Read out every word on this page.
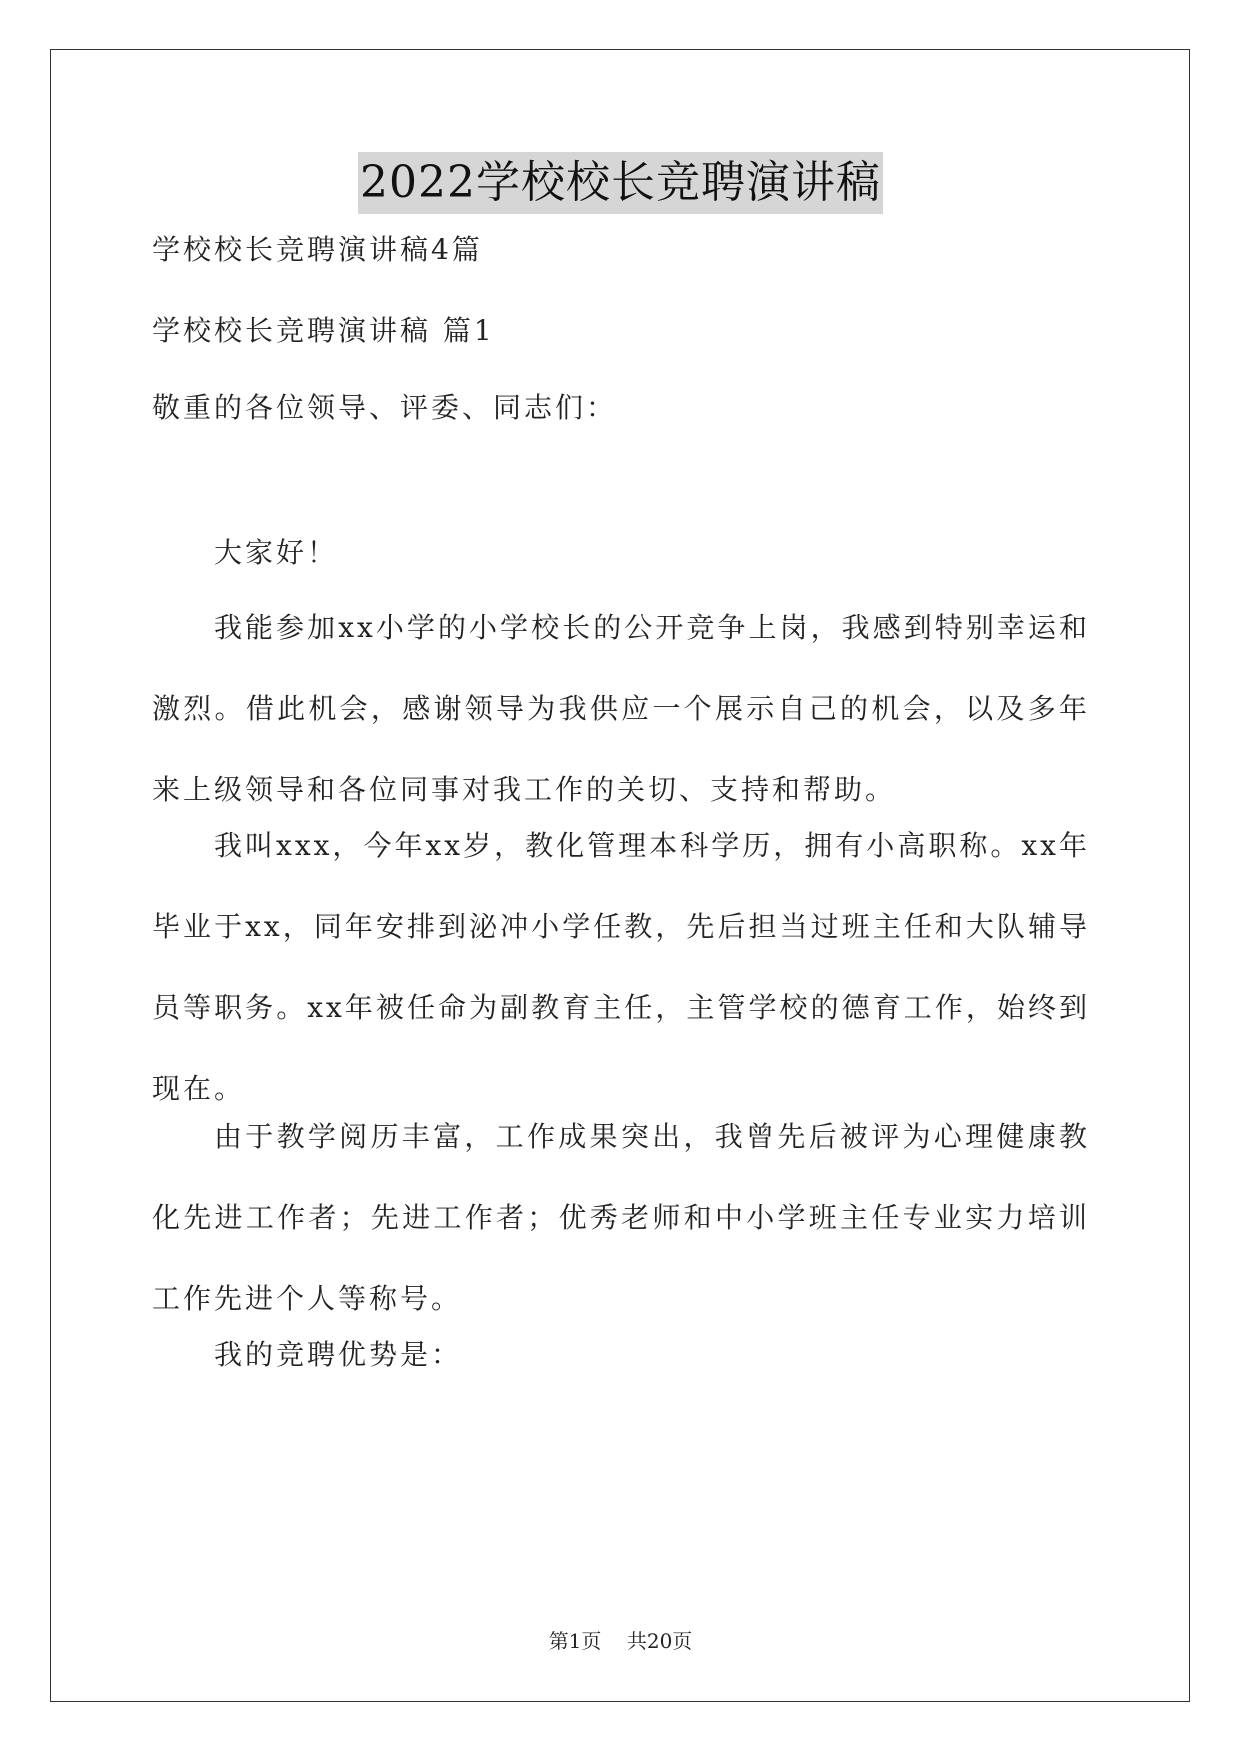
2022学校校长竞聘演讲稿
学校校长竞聘演讲稿4篇
学校校长竞聘演讲稿 篇1
敬重的各位领导、评委、同志们：
大家好！
我能参加xx小学的小学校长的公开竞争上岗，我感到特别幸运和激烈。借此机会，感谢领导为我供应一个展示自己的机会，以及多年来上级领导和各位同事对我工作的关切、支持和帮助。
我叫xxx，今年xx岁，教化管理本科学历，拥有小高职称。xx年毕业于xx，同年安排到泌冲小学任教，先后担当过班主任和大队辅导员等职务。xx年被任命为副教育主任，主管学校的德育工作，始终到现在。
由于教学阅历丰富，工作成果突出，我曾先后被评为心理健康教化先进工作者；先进工作者；优秀老师和中小学班主任专业实力培训工作先进个人等称号。
我的竞聘优势是：
第1页    共20页
